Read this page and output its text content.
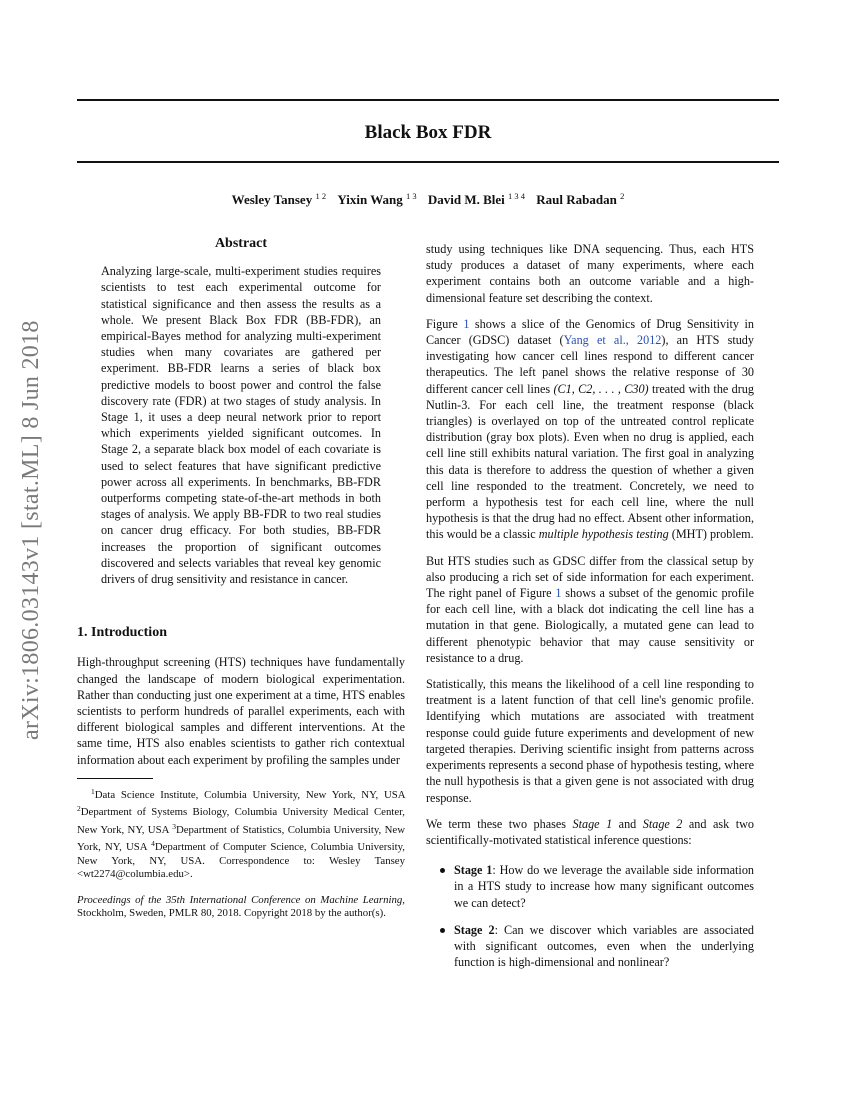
Black Box FDR
Wesley Tansey $^{1 2}$ Yixin Wang $^{1 3}$ David M. Blei $^{1 3 4}$ Raul Rabadan $^2$
arXiv:1806.03143v1 [stat.ML] 8 Jun 2018
Abstract
Analyzing large-scale, multi-experiment studies requires scientists to test each experimental outcome for statistical significance and then assess the results as a whole. We present Black Box FDR (BB-FDR), an empirical-Bayes method for analyzing multi-experiment studies when many covariates are gathered per experiment. BB-FDR learns a series of black box predictive models to boost power and control the false discovery rate (FDR) at two stages of study analysis. In Stage 1, it uses a deep neural network prior to report which experiments yielded significant outcomes. In Stage 2, a separate black box model of each covariate is used to select features that have significant predictive power across all experiments. In benchmarks, BB-FDR outperforms competing state-of-the-art methods in both stages of analysis. We apply BB-FDR to two real studies on cancer drug efficacy. For both studies, BB-FDR increases the proportion of significant outcomes discovered and selects variables that reveal key genomic drivers of drug sensitivity and resistance in cancer.
1. Introduction

High-throughput screening (HTS) techniques have fundamentally changed the landscape of modern biological experimentation. Rather than conducting just one experiment at a time, HTS enables scientists to perform hundreds of parallel experiments, each with different biological samples and different interventions. At the same time, HTS also enables scientists to gather rich contextual information about each experiment by profiling the samples under

$^1$Data Science Institute, Columbia University, New York, NY, USA $^2$Department of Systems Biology, Columbia University Medical Center, New York, NY, USA $^3$Department of Statistics, Columbia University, New York, NY, USA $^4$Department of Computer Science, Columbia University, New York, NY, USA. Correspondence to: Wesley Tansey <wt2274@columbia.edu>.

Proceedings of the 35th International Conference on Machine Learning, Stockholm, Sweden, PMLR 80, 2018. Copyright 2018 by the author(s).

study using techniques like DNA sequencing. Thus, each HTS study produces a dataset of many experiments, where each experiment contains both an outcome variable and a high-dimensional feature set describing the context.

Figure 1 shows a slice of the Genomics of Drug Sensitivity in Cancer (GDSC) dataset (Yang et al., 2012), an HTS study investigating how cancer cell lines respond to different cancer therapeutics. The left panel shows the relative response of 30 different cancer cell lines (C1, C2, . . . , C30) treated with the drug Nutlin-3. For each cell line, the treatment response (black triangles) is overlayed on top of the untreated control replicate distribution (gray box plots). Even when no drug is applied, each cell line still exhibits natural variation. The first goal in analyzing this data is therefore to address the question of whether a given cell line responded to the treatment. Concretely, we need to perform a hypothesis test for each cell line, where the null hypothesis is that the drug had no effect. Absent other information, this would be a classic multiple hypothesis testing (MHT) problem.

But HTS studies such as GDSC differ from the classical setup by also producing a rich set of side information for each experiment. The right panel of Figure 1 shows a subset of the genomic profile for each cell line, with a black dot indicating the cell line has a mutation in that gene. Biologically, a mutated gene can lead to different phenotypic behavior that may cause sensitivity or resistance to a drug.

Statistically, this means the likelihood of a cell line responding to treatment is a latent function of that cell line's genomic profile. Identifying which mutations are associated with treatment response could guide future experiments and development of new targeted therapies. Deriving scientific insight from patterns across experiments represents a second phase of hypothesis testing, where the null hypothesis is that a given gene is not associated with drug response.

We term these two phases Stage 1 and Stage 2 and ask two scientifically-motivated statistical inference questions:

Stage 1: How do we leverage the available side information in a HTS study to increase how many significant outcomes we can detect?
Stage 2: Can we discover which variables are associated with significant outcomes, even when the underlying function is high-dimensional and nonlinear?
